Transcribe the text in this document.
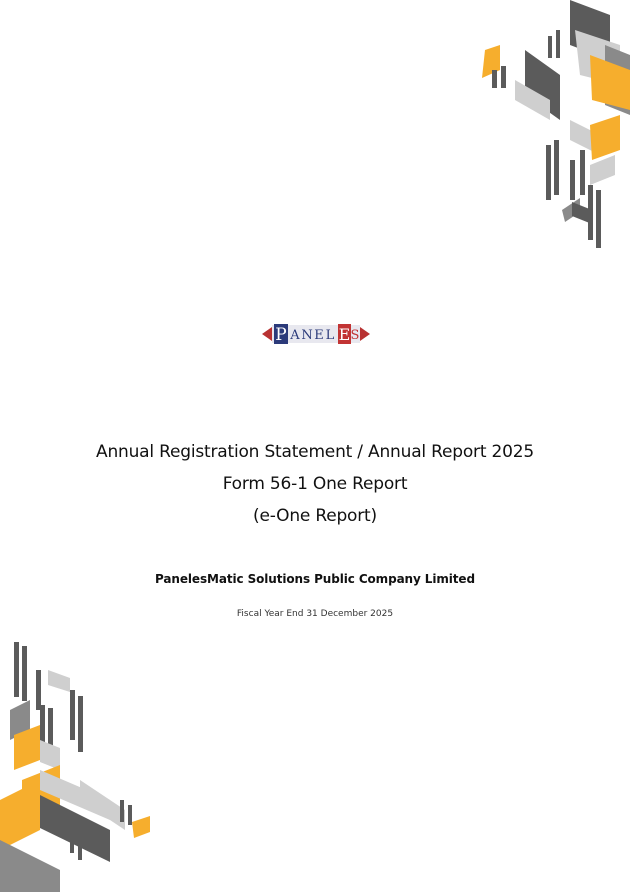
P A N E L E S

Annual Registration Statement / Annual Report 2025

Form 56-1 One Report

(e-One Report)

PanelesMatic Solutions Public Company Limited
Fiscal Year End 31 December 2025
